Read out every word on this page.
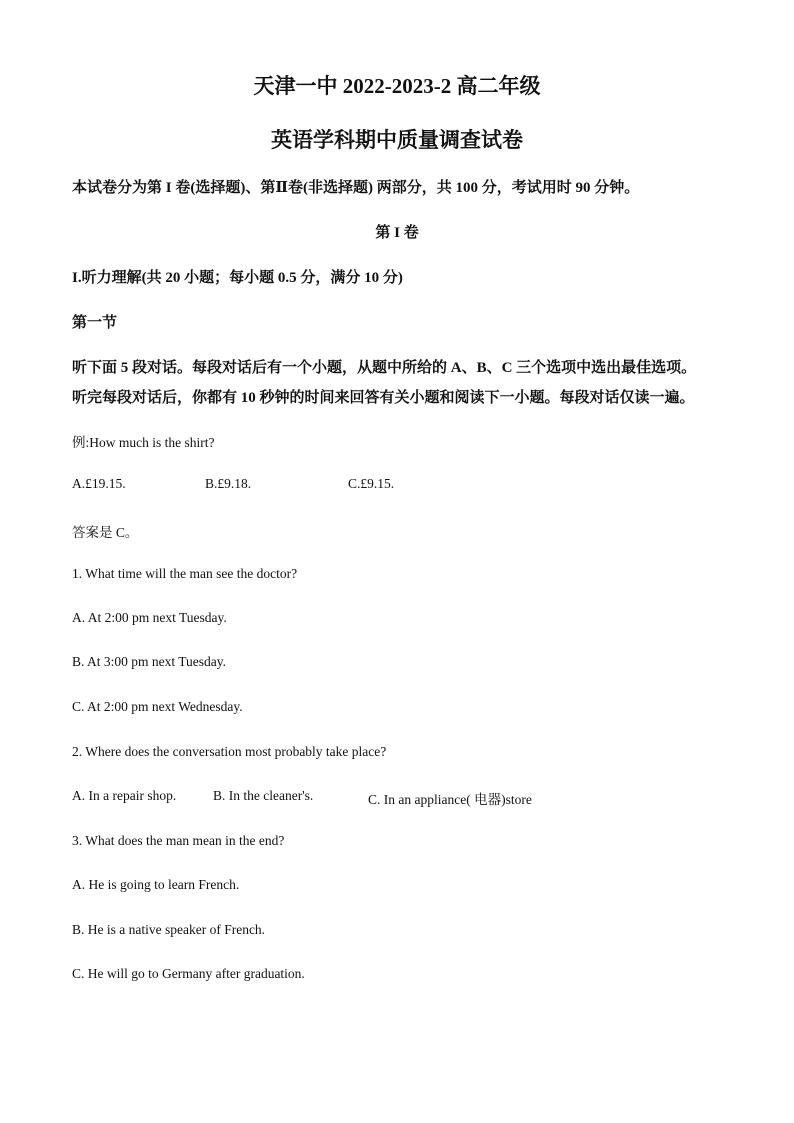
天津一中 2022-2023-2 高二年级
英语学科期中质量调查试卷
本试卷分为第 I 卷(选择题)、第Ⅱ卷(非选择题) 两部分，共 100 分，考试用时 90 分钟。
第 I 卷
I.听力理解(共 20 小题；每小题 0.5 分，满分 10 分)
第一节
听下面 5 段对话。每段对话后有一个小题，从题中所给的 A、B、C 三个选项中选出最佳选项。
听完每段对话后，你都有 10 秒钟的时间来回答有关小题和阅读下一小题。每段对话仅读一遍。
例:How much is the shirt?
A.£19.15.	B.£9.18.	C.£9.15.
答案是 C。
1. What time will the man see the doctor?
A. At 2:00 pm next Tuesday.
B. At 3:00 pm next Tuesday.
C. At 2:00 pm next Wednesday.
2. Where does the conversation most probably take place?
A. In a repair shop.	B. In the cleaner's.	C. In an appliance( 电器)store
3. What does the man mean in the end?
A. He is going to learn French.
B. He is a native speaker of French.
C. He will go to Germany after graduation.
